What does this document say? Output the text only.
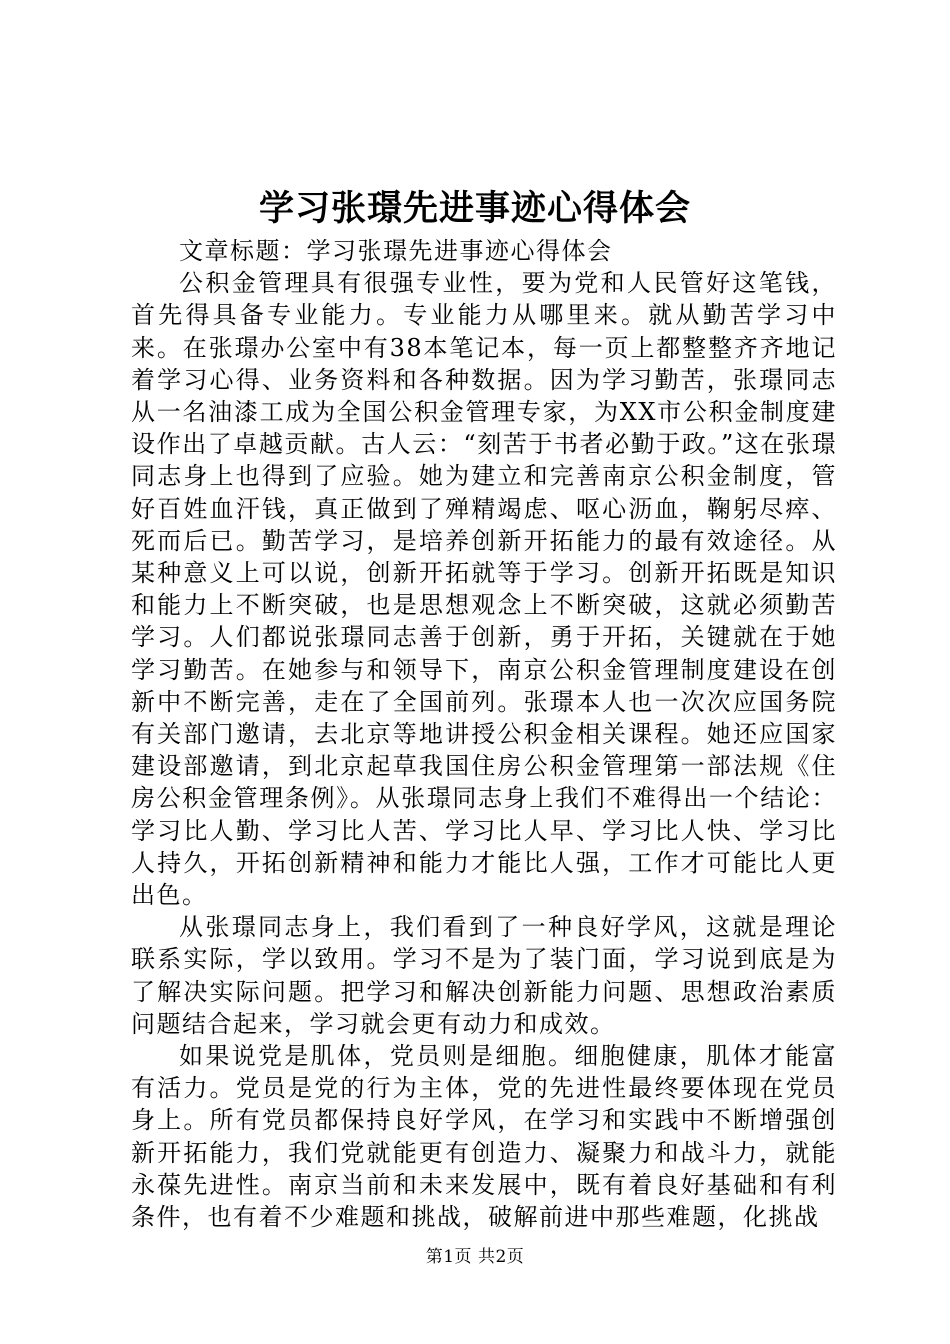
学习张璟先进事迹心得体会

文章标题：学习张璟先进事迹心得体会

公积金管理具有很强专业性，要为党和人民管好这笔钱，首先得具备专业能力。专业能力从哪里来。就从勤苦学习中来。在张璟办公室中有38本笔记本，每一页上都整整齐齐地记着学习心得、业务资料和各种数据。因为学习勤苦，张璟同志从一名油漆工成为全国公积金管理专家，为XX市公积金制度建设作出了卓越贡献。古人云：“刻苦于书者必勤于政。”这在张璟同志身上也得到了应验。她为建立和完善南京公积金制度，管好百姓血汗钱，真正做到了殚精竭虑、呕心沥血，鞠躬尽瘁、死而后已。勤苦学习，是培养创新开拓能力的最有效途径。从某种意义上可以说，创新开拓就等于学习。创新开拓既是知识和能力上不断突破，也是思想观念上不断突破，这就必须勤苦学习。人们都说张璟同志善于创新，勇于开拓，关键就在于她学习勤苦。在她参与和领导下，南京公积金管理制度建设在创新中不断完善，走在了全国前列。张璟本人也一次次应国务院有关部门邀请，去北京等地讲授公积金相关课程。她还应国家建设部邀请，到北京起草我国住房公积金管理第一部法规《住房公积金管理条例》。从张璟同志身上我们不难得出一个结论：学习比人勤、学习比人苦、学习比人早、学习比人快、学习比人持久，开拓创新精神和能力才能比人强，工作才可能比人更出色。

从张璟同志身上，我们看到了一种良好学风，这就是理论联系实际，学以致用。学习不是为了装门面，学习说到底是为了解决实际问题。把学习和解决创新能力问题、思想政治素质问题结合起来，学习就会更有动力和成效。

如果说党是肌体，党员则是细胞。细胞健康，肌体才能富有活力。党员是党的行为主体，党的先进性最终要体现在党员身上。所有党员都保持良好学风，在学习和实践中不断增强创新开拓能力，我们党就能更有创造力、凝聚力和战斗力，就能永葆先进性。南京当前和未来发展中，既有着良好基础和有利条件，也有着不少难题和挑战，破解前进中那些难题，化挑战

第1页 共2页
